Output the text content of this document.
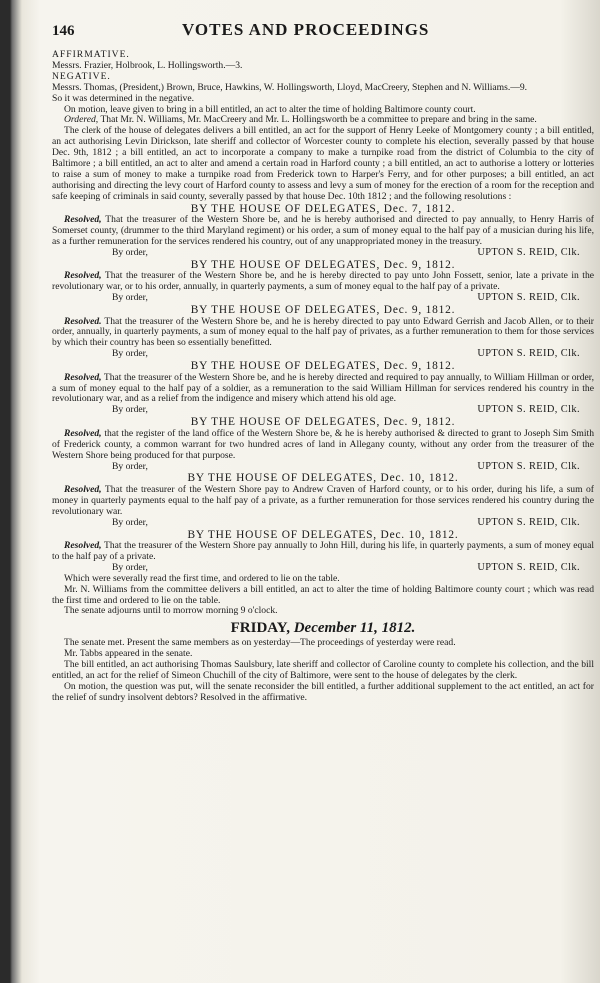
146	VOTES AND PROCEEDINGS

AFFIRMATIVE.

Messrs. Frazier, Holbrook, L. Hollingsworth.—3.

NEGATIVE.

Messrs. Thomas, (President,) Brown, Bruce, Hawkins, W. Hollingsworth, Lloyd, MacCreery, Stephen and N. Williams.—9.

So it was determined in the negative.

On motion, leave given to bring in a bill entitled, an act to alter the time of holding Baltimore county court.

Ordered, That Mr. N. Williams, Mr. MacCreery and Mr. L. Hollingsworth be a committee to prepare and bring in the same.

The clerk of the house of delegates delivers a bill entitled, an act for the support of Henry Leeke of Montgomery county ; a bill entitled, an act authorising Levin Dirickson, late sheriff and collector of Worcester county to complete his election, severally passed by that house Dec. 9th, 1812 ; a bill entitled, an act to incorporate a company to make a turnpike road from the district of Columbia to the city of Baltimore ; a bill entitled, an act to alter and amend a certain road in Harford county ; a bill entitled, an act to authorise a lottery or lotteries to raise a sum of money to make a turnpike road from Frederick town to Harper's Ferry, and for other purposes; a bill entitled, an act authorising and directing the levy court of Harford county to assess and levy a sum of money for the erection of a room for the reception and safe keeping of criminals in said county, severally passed by that house Dec. 10th 1812 ; and the following resolutions :

BY THE HOUSE OF DELEGATES, Dec. 7, 1812.

Resolved, That the treasurer of the Western Shore be, and he is hereby authorised and directed to pay annually, to Henry Harris of Somerset county, (drummer to the third Maryland regiment) or his order, a sum of money equal to the half pay of a musician during his life, as a further remuneration for the services rendered his country, out of any unappropriated money in the treasury.

By order,	UPTON S. REID, Clk.

BY THE HOUSE OF DELEGATES, Dec. 9, 1812.

Resolved, That the treasurer of the Western Shore be, and he is hereby directed to pay unto John Fossett, senior, late a private in the revolutionary war, or to his order, annually, in quarterly payments, a sum of money equal to the half pay of a private.

By order,	UPTON S. REID, Clk.

BY THE HOUSE OF DELEGATES, Dec. 9, 1812.

Resolved. That the treasurer of the Western Shore be, and he is hereby directed to pay unto Edward Gerrish and Jacob Allen, or to their order, annually, in quarterly payments, a sum of money equal to the half pay of privates, as a further remuneration to them for those services by which their country has been so essentially benefitted.

By order,	UPTON S. REID, Clk.

BY THE HOUSE OF DELEGATES, Dec. 9, 1812.

Resolved, That the treasurer of the Western Shore be, and he is hereby directed and required to pay annually, to William Hillman or order, a sum of money equal to the half pay of a soldier, as a remuneration to the said William Hillman for services rendered his country in the revolutionary war, and as a relief from the indigence and misery which attend his old age.

By order,	UPTON S. REID, Clk.

BY THE HOUSE OF DELEGATES, Dec. 9, 1812.

Resolved, that the register of the land office of the Western Shore be, & he is hereby authorised & directed to grant to Joseph Sim Smith of Frederick county, a common warrant for two hundred acres of land in Allegany county, without any order from the treasurer of the Western Shore being produced for that purpose.

By order,	UPTON S. REID, Clk.

BY THE HOUSE OF DELEGATES, Dec. 10, 1812.

Resolved, That the treasurer of the Western Shore pay to Andrew Craven of Harford county, or to his order, during his life, a sum of money in quarterly payments equal to the half pay of a private, as a further remuneration for those services rendered his country during the revolutionary war.

By order,	UPTON S. REID, Clk.

BY THE HOUSE OF DELEGATES, Dec. 10, 1812.

Resolved, That the treasurer of the Western Shore pay annually to John Hill, during his life, in quarterly payments, a sum of money equal to the half pay of a private.

By order,	UPTON S. REID, Clk.

Which were severally read the first time, and ordered to lie on the table.

Mr. N. Williams from the committee delivers a bill entitled, an act to alter the time of holding Baltimore county court ; which was read the first time and ordered to lie on the table.

The senate adjourns until to morrow morning 9 o'clock.

FRIDAY, December 11, 1812.

The senate met. Present the same members as on yesterday—The proceedings of yesterday were read.

Mr. Tabbs appeared in the senate.

The bill entitled, an act authorising Thomas Saulsbury, late sheriff and collector of Caroline county to complete his collection, and the bill entitled, an act for the relief of Simeon Chuchill of the city of Baltimore, were sent to the house of delegates by the clerk.

On motion, the question was put, will the senate reconsider the bill entitled, a further additional supplement to the act entitled, an act for the relief of sundry insolvent debtors? Resolved in the affirmative.
